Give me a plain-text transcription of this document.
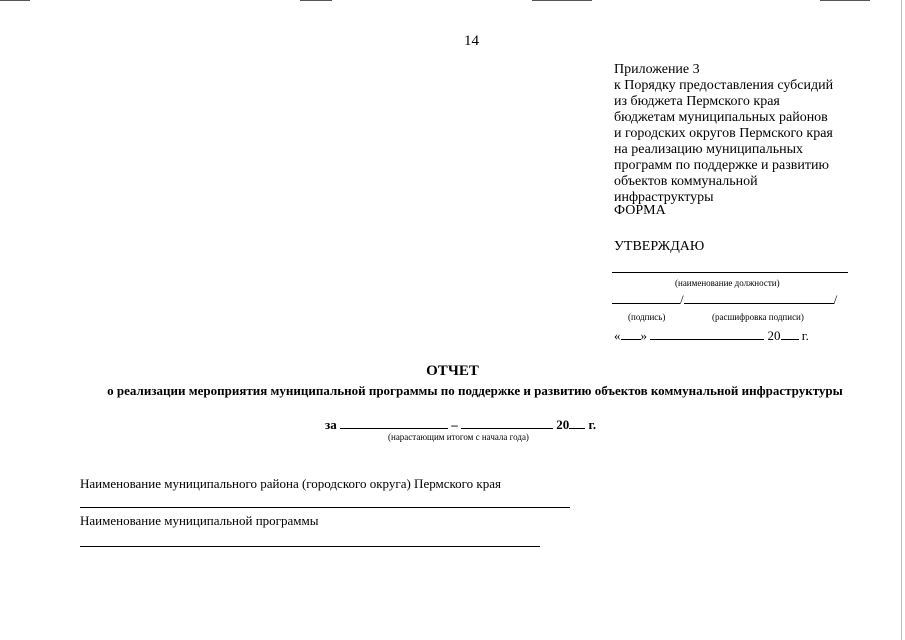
14
Приложение 3
к Порядку предоставления субсидий
из бюджета Пермского края
бюджетам муниципальных районов
и городских округов Пермского края
на реализацию муниципальных
программ по поддержке и развитию
объектов коммунальной
инфраструктуры
ФОРМА
УТВЕРЖДАЮ
(наименование должности)
/	/
(подпись)	(расшифровка подписи)
« »	20 г.
ОТЧЕТ
о реализации мероприятия муниципальной программы по поддержке и развитию объектов коммунальной инфраструктуры
за	–	20 г.
(нарастающим итогом с начала года)
Наименование муниципального района (городского округа) Пермского края
Наименование муниципальной программы
